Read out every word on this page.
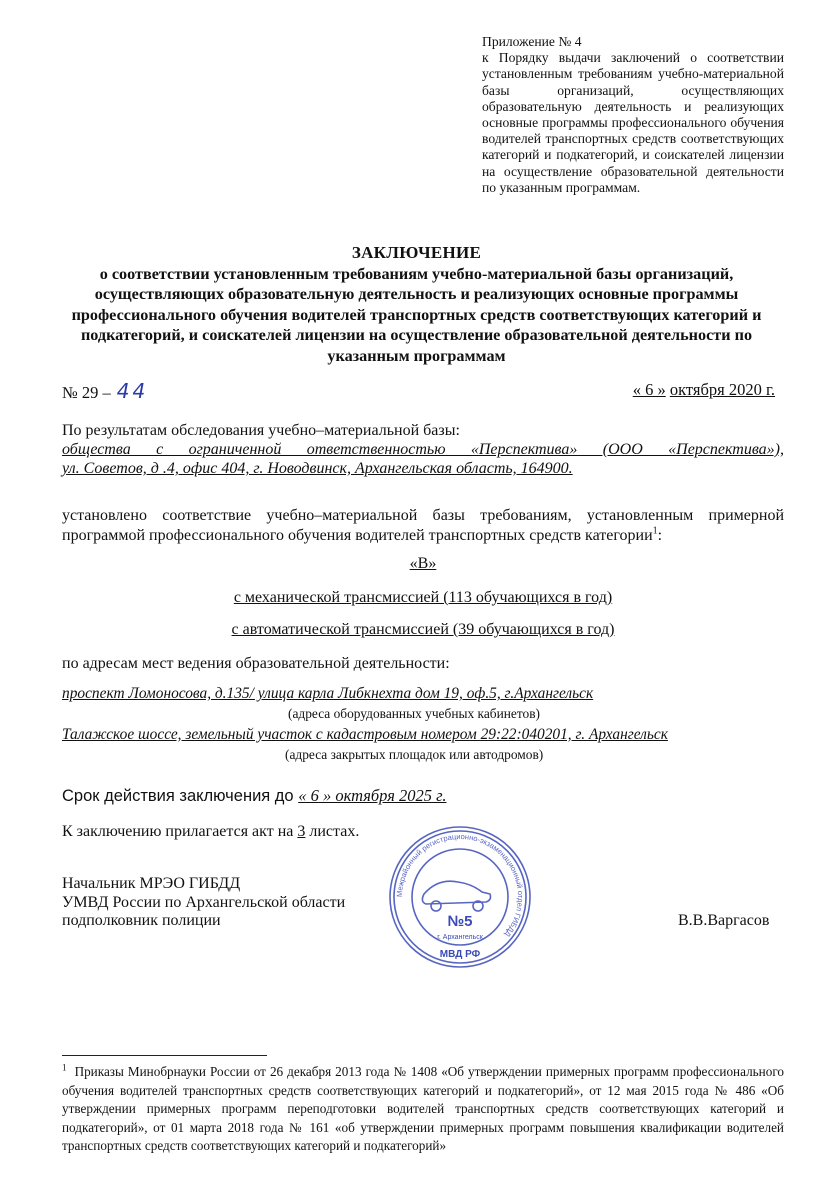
Приложение № 4
к Порядку выдачи заключений о соответствии установленным требованиям учебно-материальной базы организаций, осуществляющих образовательную деятельность и реализующих основные программы профессионального обучения водителей транспортных средств соответствующих категорий и подкатегорий, и соискателей лицензии на осуществление образовательной деятельности по указанным программам.
ЗАКЛЮЧЕНИЕ
о соответствии установленным требованиям учебно-материальной базы организаций, осуществляющих образовательную деятельность и реализующих основные программы профессионального обучения водителей транспортных средств соответствующих категорий и подкатегорий, и соискателей лицензии на осуществление образовательной деятельности по указанным программам
№ 29 – 44	« 6 » октября 2020 г.
По результатам обследования учебно–материальной базы:
общества с ограниченной ответственностью «Перспектива» (ООО «Перспектива»),
ул. Советов, д .4, офис 404, г. Новодвинск, Архангельская область, 164900.
установлено соответствие учебно–материальной базы требованиям, установленным примерной программой профессионального обучения водителей транспортных средств категории$^1$:
«В»
с механической трансмиссией (113 обучающихся в год)
с автоматической трансмиссией (39 обучающихся в год)
по адресам мест ведения образовательной деятельности:
проспект Ломоносова, д.135/ улица карла Либкнехта дом 19, оф.5, г.Архангельск
(адреса оборудованных учебных кабинетов)
Талажское шоссе, земельный участок с кадастровым номером 29:22:040201, г. Архангельск
(адреса закрытых площадок или автодромов)
Срок действия заключения до « 6 » октября 2025 г.
К заключению прилагается акт на 3 листах.
Межрайонный регистрационно-экзаменационный отдел ГИБДД
№5
г. Архангельск
МВД РФ
Начальник МРЭО ГИБДД
УМВД России по Архангельской области
подполковник полиции	В.В.Варгасов
$^1$ Приказы Минобрнауки России от 26 декабря 2013 года № 1408 «Об утверждении примерных программ профессионального обучения водителей транспортных средств соответствующих категорий и подкатегорий», от 12 мая 2015 года № 486 «Об утверждении примерных программ переподготовки водителей транспортных средств соответствующих категорий и подкатегорий», от 01 марта 2018 года № 161 «об утверждении примерных программ повышения квалификации водителей транспортных средств соответствующих категорий и подкатегорий»
